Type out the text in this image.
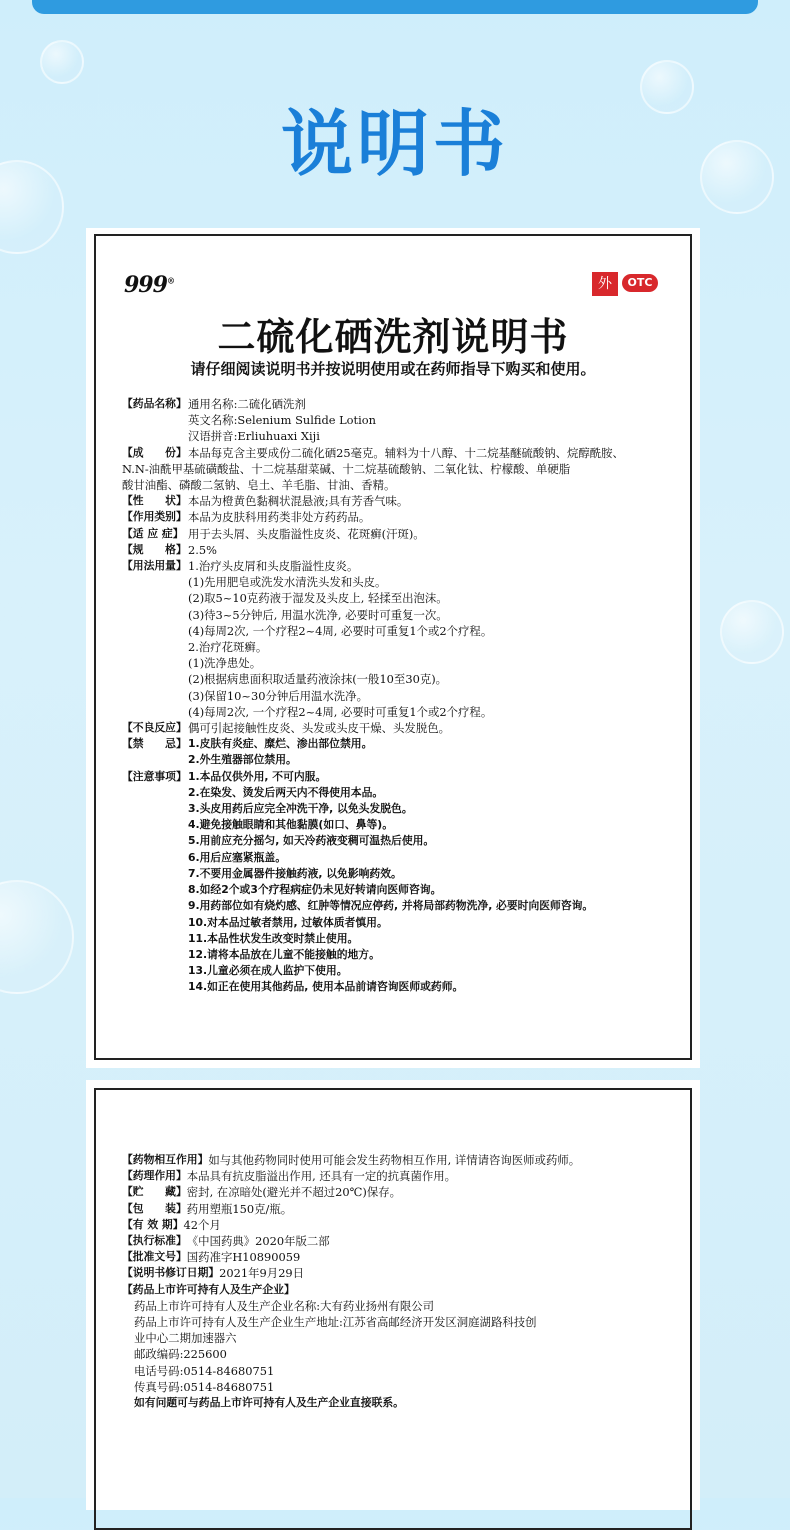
说明书
999®	外	OTC
二硫化硒洗剂说明书
请仔细阅读说明书并按说明使用或在药师指导下购买和使用。
【药品名称】 通用名称:二硫化硒洗剂
英文名称:Selenium Sulfide Lotion
汉语拼音:Erliuhuaxi Xiji
【成　　份】 本品每克含主要成份二硫化硒25毫克。辅料为十八醇、十二烷基醚硫酸钠、烷醇酰胺、
N.N-油酰甲基硫磺酸盐、十二烷基甜菜碱、十二烷基硫酸钠、二氧化钛、柠檬酸、单硬脂
酸甘油酯、磷酸二氢钠、皂土、羊毛脂、甘油、香精。
【性　　状】 本品为橙黄色黏稠状混悬液;具有芳香气味。
【作用类别】 本品为皮肤科用药类非处方药药品。
【适 应 症】 用于去头屑、头皮脂溢性皮炎、花斑癣(汗斑)。
【规　　格】 2.5%
【用法用量】 1.治疗头皮屑和头皮脂溢性皮炎。
(1)先用肥皂或洗发水清洗头发和头皮。
(2)取5~10克药液于湿发及头皮上, 轻揉至出泡沫。
(3)待3~5分钟后, 用温水洗净, 必要时可重复一次。
(4)每周2次, 一个疗程2~4周, 必要时可重复1个或2个疗程。
2.治疗花斑癣。
(1)洗净患处。
(2)根据病患面积取适量药液涂抹(一般10至30克)。
(3)保留10~30分钟后用温水洗净。
(4)每周2次, 一个疗程2~4周, 必要时可重复1个或2个疗程。
【不良反应】 偶可引起接触性皮炎、头发或头皮干燥、头发脱色。
【禁　　忌】 1.皮肤有炎症、糜烂、渗出部位禁用。
2.外生殖器部位禁用。
【注意事项】 1.本品仅供外用, 不可内服。
2.在染发、烫发后两天内不得使用本品。
3.头皮用药后应完全冲洗干净, 以免头发脱色。
4.避免接触眼睛和其他黏膜(如口、鼻等)。
5.用前应充分摇匀, 如天冷药液变稠可温热后使用。
6.用后应塞紧瓶盖。
7.不要用金属器件接触药液, 以免影响药效。
8.如经2个或3个疗程病症仍未见好转请向医师咨询。
9.用药部位如有烧灼感、红肿等情况应停药, 并将局部药物洗净, 必要时向医师咨询。
10.对本品过敏者禁用, 过敏体质者慎用。
11.本品性状发生改变时禁止使用。
12.请将本品放在儿童不能接触的地方。
13.儿童必须在成人监护下使用。
14.如正在使用其他药品, 使用本品前请咨询医师或药师。
【药物相互作用】 如与其他药物同时使用可能会发生药物相互作用, 详情请咨询医师或药师。
【药理作用】 本品具有抗皮脂溢出作用, 还具有一定的抗真菌作用。
【贮　　藏】 密封, 在凉暗处(避光并不超过20℃)保存。
【包　　装】 药用塑瓶150克/瓶。
【有 效 期】 42个月
【执行标准】 《中国药典》2020年版二部
【批准文号】 国药准字H10890059
【说明书修订日期】 2021年9月29日
【药品上市许可持有人及生产企业】
药品上市许可持有人及生产企业名称:大有药业扬州有限公司
药品上市许可持有人及生产企业生产地址:江苏省高邮经济开发区洞庭湖路科技创
业中心二期加速器六
邮政编码:225600
电话号码:0514-84680751
传真号码:0514-84680751
如有问题可与药品上市许可持有人及生产企业直接联系。
